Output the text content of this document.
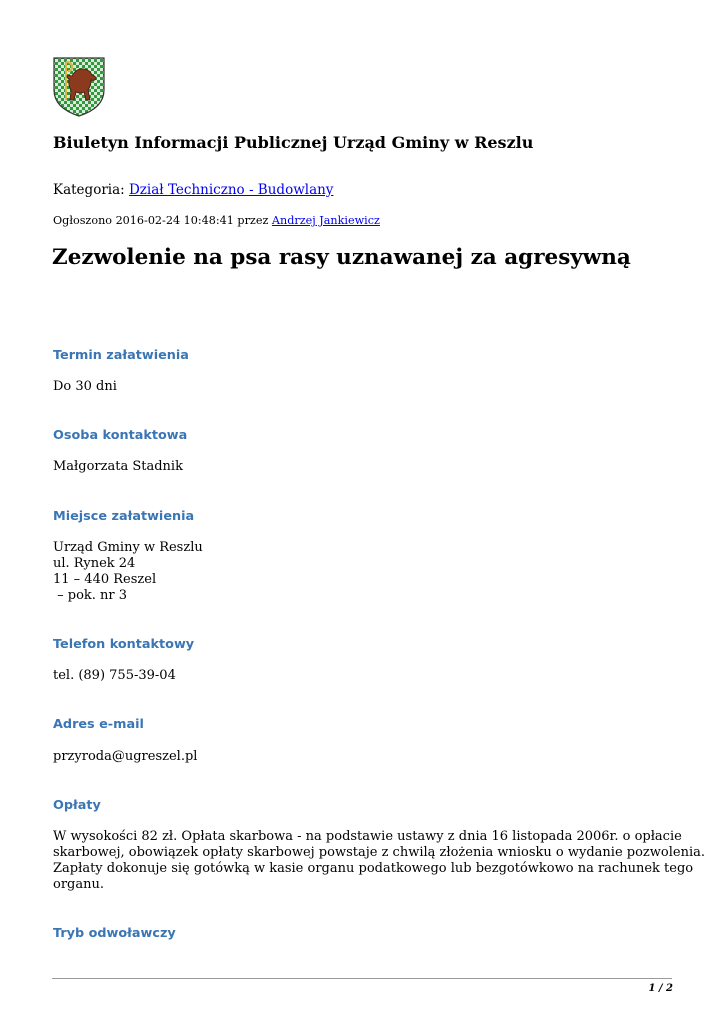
Biuletyn Informacji Publicznej Urząd Gminy w Reszlu
Kategoria: Dział Techniczno - Budowlany
Ogłoszono 2016-02-24 10:48:41 przez Andrzej Jankiewicz
Zezwolenie na psa rasy uznawanej za agresywną
Termin załatwienia
Do 30 dni
Osoba kontaktowa
Małgorzata Stadnik
Miejsce załatwienia
Urząd Gminy w Reszlu
ul. Rynek 24
11 – 440 Reszel
– pok. nr 3
Telefon kontaktowy
tel. (89) 755-39-04
Adres e-mail
przyroda@ugreszel.pl
Opłaty
W wysokości 82 zł. Opłata skarbowa - na podstawie ustawy z dnia 16 listopada 2006r. o opłacie
skarbowej, obowiązek opłaty skarbowej powstaje z chwilą złożenia wniosku o wydanie pozwolenia.
Zapłaty dokonuje się gotówką w kasie organu podatkowego lub bezgotówkowo na rachunek tego
organu.
Tryb odwoławczy
1 / 2
